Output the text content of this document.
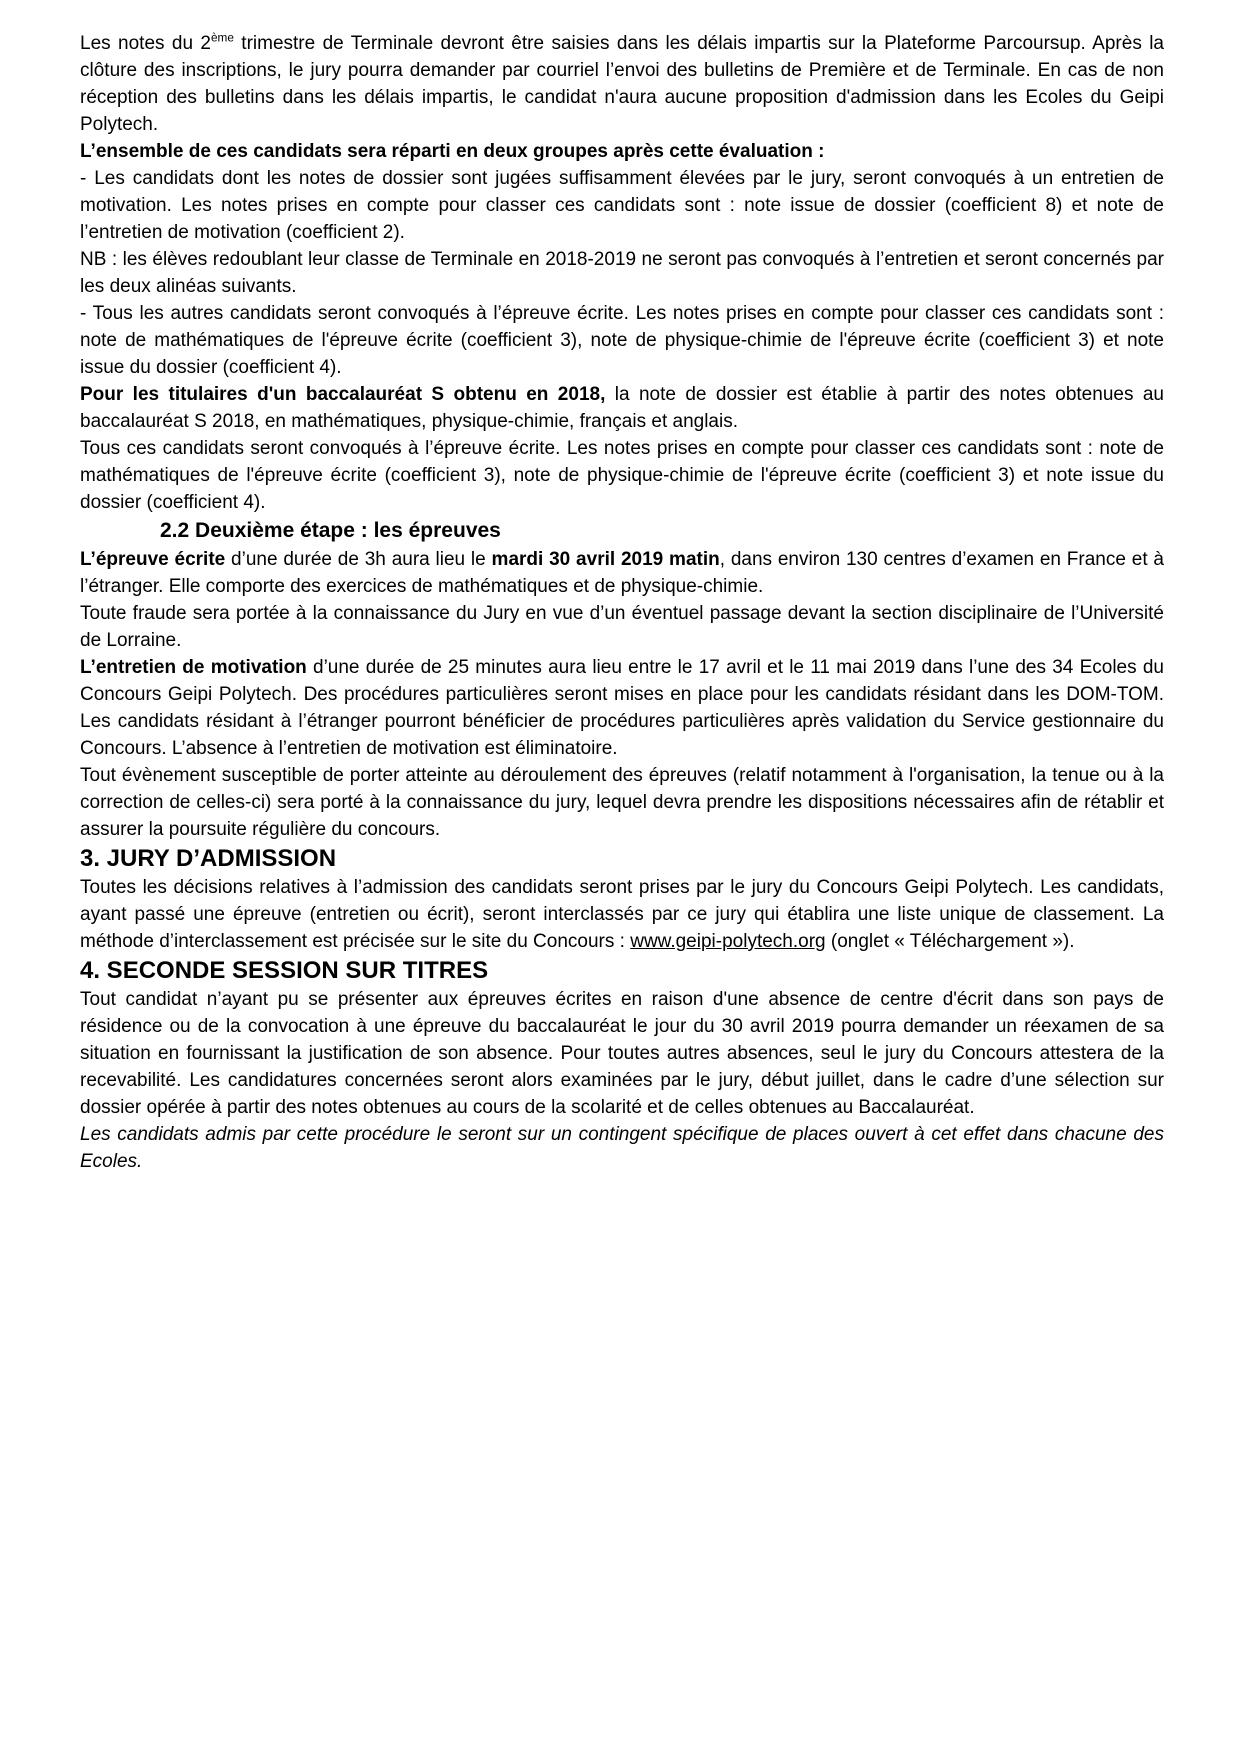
Les notes du 2ème trimestre de Terminale devront être saisies dans les délais impartis sur la Plateforme Parcoursup. Après la clôture des inscriptions, le jury pourra demander par courriel l’envoi des bulletins de Première et de Terminale. En cas de non réception des bulletins dans les délais impartis, le candidat n'aura aucune proposition d'admission dans les Ecoles du Geipi Polytech.

L’ensemble de ces candidats sera réparti en deux groupes après cette évaluation :

- Les candidats dont les notes de dossier sont jugées suffisamment élevées par le jury, seront convoqués à un entretien de motivation. Les notes prises en compte pour classer ces candidats sont : note issue de dossier (coefficient 8) et note de l’entretien de motivation (coefficient 2).
NB : les élèves redoublant leur classe de Terminale en 2018-2019 ne seront pas convoqués à l’entretien et seront concernés par les deux alinéas suivants.

- Tous les autres candidats seront convoqués à l’épreuve écrite. Les notes prises en compte pour classer ces candidats sont : note de mathématiques de l'épreuve écrite (coefficient 3), note de physique-chimie de l'épreuve écrite (coefficient 3) et note issue du dossier (coefficient 4).

Pour les titulaires d'un baccalauréat S obtenu en 2018, la note de dossier est établie à partir des notes obtenues au baccalauréat S 2018, en mathématiques, physique-chimie, français et anglais.
Tous ces candidats seront convoqués à l’épreuve écrite. Les notes prises en compte pour classer ces candidats sont : note de mathématiques de l'épreuve écrite (coefficient 3), note de physique-chimie de l'épreuve écrite (coefficient 3) et note issue du dossier (coefficient 4).

2.2 Deuxième étape : les épreuves

L’épreuve écrite d’une durée de 3h aura lieu le mardi 30 avril 2019 matin, dans environ 130 centres d’examen en France et à l’étranger. Elle comporte des exercices de mathématiques et de physique-chimie.

Toute fraude sera portée à la connaissance du Jury en vue d’un éventuel passage devant la section disciplinaire de l’Université de Lorraine.

L’entretien de motivation d’une durée de 25 minutes aura lieu entre le 17 avril et le 11 mai 2019 dans l’une des 34 Ecoles du Concours Geipi Polytech. Des procédures particulières seront mises en place pour les candidats résidant dans les DOM-TOM. Les candidats résidant à l’étranger pourront bénéficier de procédures particulières après validation du Service gestionnaire du Concours. L’absence à l’entretien de motivation est éliminatoire.

Tout évènement susceptible de porter atteinte au déroulement des épreuves (relatif notamment à l'organisation, la tenue ou à la correction de celles-ci) sera porté à la connaissance du jury, lequel devra prendre les dispositions nécessaires afin de rétablir et assurer la poursuite régulière du concours.

3. JURY D’ADMISSION

Toutes les décisions relatives à l’admission des candidats seront prises par le jury du Concours Geipi Polytech. Les candidats, ayant passé une épreuve (entretien ou écrit), seront interclassés par ce jury qui établira une liste unique de classement. La méthode d’interclassement est précisée sur le site du Concours : www.geipi-polytech.org (onglet « Téléchargement »).

4. SECONDE SESSION SUR TITRES

Tout candidat n’ayant pu se présenter aux épreuves écrites en raison d'une absence de centre d'écrit dans son pays de résidence ou de la convocation à une épreuve du baccalauréat le jour du 30 avril 2019 pourra demander un réexamen de sa situation en fournissant la justification de son absence. Pour toutes autres absences, seul le jury du Concours attestera de la recevabilité. Les candidatures concernées seront alors examinées par le jury, début juillet, dans le cadre d’une sélection sur dossier opérée à partir des notes obtenues au cours de la scolarité et de celles obtenues au Baccalauréat.

Les candidats admis par cette procédure le seront sur un contingent spécifique de places ouvert à cet effet dans chacune des Ecoles.
